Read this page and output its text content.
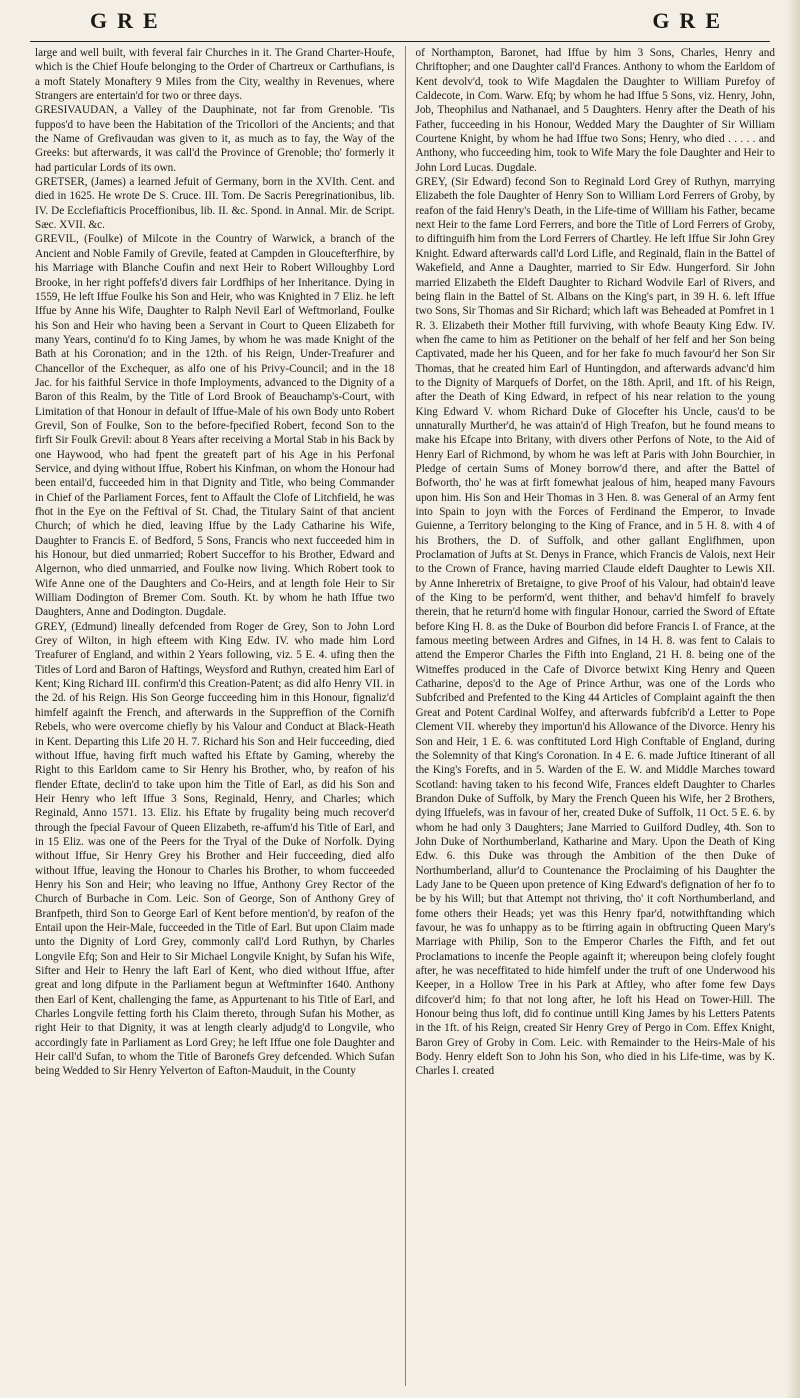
GRE	GRE

large and well built, with feveral fair Churches in it. The Grand Charter-Houfe, which is the Chief Houfe belonging to the Order of Chartreux or Carthufians, is a moft Stately Monaftery 9 Miles from the City, wealthy in Revenues, where Strangers are entertain'd for two or three days.

GRESIVAUDAN, a Valley of the Dauphinate, not far from Grenoble. 'Tis fuppos'd to have been the Habitation of the Tricollori of the Ancients; and that the Name of Grefivaudan was given to it, as much as to fay, the Way of the Greeks: but afterwards, it was call'd the Province of Grenoble; tho' formerly it had particular Lords of its own.

GRETSER, (James) a learned Jefuit of Germany, born in the XVIth. Cent. and died in 1625. He wrote De S. Cruce. III. Tom. De Sacris Peregrinationibus, lib. IV. De Ecclefiafticis Proceffionibus, lib. II. &c. Spond. in Annal. Mir. de Script. Sæc. XVII. &c.

GREVIL, (Foulke) of Milcote in the Country of Warwick, a branch of the Ancient and Noble Family of Grevile, feated at Campden in Gloucefterfhire, by his Marriage with Blanche Coufin and next Heir to Robert Willoughby Lord Brooke, in her right poffefs'd divers fair Lordfhips of her Inheritance. Dying in 1559, He left Iffue Foulke his Son and Heir, who was Knighted in 7 Eliz. he left Iffue by Anne his Wife, Daughter to Ralph Nevil Earl of Weftmorland, Foulke his Son and Heir who having been a Servant in Court to Queen Elizabeth for many Years, continu'd fo to King James, by whom he was made Knight of the Bath at his Coronation; and in the 12th. of his Reign, Under-Treafurer and Chancellor of the Exchequer, as alfo one of his Privy-Council; and in the 18 Jac. for his faithful Service in thofe Imployments, advanced to the Dignity of a Baron of this Realm, by the Title of Lord Brook of Beauchamp's-Court, with Limitation of that Honour in default of Iffue-Male of his own Body unto Robert Grevil, Son of Foulke, Son to the before-fpecified Robert, fecond Son to the firft Sir Foulk Grevil: about 8 Years after receiving a Mortal Stab in his Back by one Haywood, who had fpent the greateft part of his Age in his Perfonal Service, and dying without Iffue, Robert his Kinfman, on whom the Honour had been entail'd, fucceeded him in that Dignity and Title, who being Commander in Chief of the Parliament Forces, fent to Affault the Clofe of Litchfield, he was fhot in the Eye on the Feftival of St. Chad, the Titulary Saint of that ancient Church; of which he died, leaving Iffue by the Lady Catharine his Wife, Daughter to Francis E. of Bedford, 5 Sons, Francis who next fucceeded him in his Honour, but died unmarried; Robert Succeffor to his Brother, Edward and Algernon, who died unmarried, and Foulke now living. Which Robert took to Wife Anne one of the Daughters and Co-Heirs, and at length fole Heir to Sir William Dodington of Bremer Com. South. Kt. by whom he hath Iffue two Daughters, Anne and Dodington. Dugdale.

GREY, (Edmund) lineally defcended from Roger de Grey, Son to John Lord Grey of Wilton, in high efteem with King Edw. IV. who made him Lord Treafurer of England, and within 2 Years following, viz. 5 E. 4. ufing then the Titles of Lord and Baron of Haftings, Weysford and Ruthyn, created him Earl of Kent; King Richard III. confirm'd this Creation-Patent; as did alfo Henry VII. in the 2d. of his Reign. His Son George fucceeding him in this Honour, fignaliz'd himfelf againft the French, and afterwards in the Suppreffion of the Cornifh Rebels, who were overcome chiefly by his Valour and Conduct at Black-Heath in Kent. Departing this Life 20 H. 7. Richard his Son and Heir fucceeding, died without Iffue, having firft much wafted his Eftate by Gaming, whereby the Right to this Earldom came to Sir Henry his Brother, who, by reafon of his flender Eftate, declin'd to take upon him the Title of Earl, as did his Son and Heir Henry who left Iffue 3 Sons, Reginald, Henry, and Charles; which Reginald, Anno 1571. 13. Eliz. his Eftate by frugality being much recover'd through the fpecial Favour of Queen Elizabeth, re-affum'd his Title of Earl, and in 15 Eliz. was one of the Peers for the Tryal of the Duke of Norfolk. Dying without Iffue, Sir Henry Grey his Brother and Heir fucceeding, died alfo without Iffue, leaving the Honour to Charles his Brother, to whom fucceeded Henry his Son and Heir; who leaving no Iffue, Anthony Grey Rector of the Church of Burbache in Com. Leic. Son of George, Son of Anthony Grey of Branfpeth, third Son to George Earl of Kent before mention'd, by reafon of the Entail upon the Heir-Male, fucceeded in the Title of Earl. But upon Claim made unto the Dignity of Lord Grey, commonly call'd Lord Ruthyn, by Charles Longvile Efq; Son and Heir to Sir Michael Longvile Knight, by Sufan his Wife, Sifter and Heir to Henry the laft Earl of Kent, who died without Iffue, after great and long difpute in the Parliament begun at Weftminfter 1640. Anthony then Earl of Kent, challenging the fame, as Appurtenant to his Title of Earl, and Charles Longvile fetting forth his Claim thereto, through Sufan his Mother, as right Heir to that Dignity, it was at length clearly adjudg'd to Longvile, who accordingly fate in Parliament as Lord Grey; he left Iffue one fole Daughter and Heir call'd Sufan, to whom the Title of Baronefs Grey defcended. Which Sufan being Wedded to Sir Henry Yelverton of Eafton-Mauduit, in the County

of Northampton, Baronet, had Iffue by him 3 Sons, Charles, Henry and Chriftopher; and one Daughter call'd Frances. Anthony to whom the Earldom of Kent devolv'd, took to Wife Magdalen the Daughter to William Purefoy of Caldecote, in Com. Warw. Efq; by whom he had Iffue 5 Sons, viz. Henry, John, Job, Theophilus and Nathanael, and 5 Daughters. Henry after the Death of his Father, fucceeding in his Honour, Wedded Mary the Daughter of Sir William Courtene Knight, by whom he had Iffue two Sons; Henry, who died . . . . . and Anthony, who fucceeding him, took to Wife Mary the fole Daughter and Heir to John Lord Lucas. Dugdale.

GREY, (Sir Edward) fecond Son to Reginald Lord Grey of Ruthyn, marrying Elizabeth the fole Daughter of Henry Son to William Lord Ferrers of Groby, by reafon of the faid Henry's Death, in the Life-time of William his Father, became next Heir to the fame Lord Ferrers, and bore the Title of Lord Ferrers of Groby, to diftinguifh him from the Lord Ferrers of Chartley. He left Iffue Sir John Grey Knight. Edward afterwards call'd Lord Lifle, and Reginald, flain in the Battel of Wakefield, and Anne a Daughter, married to Sir Edw. Hungerford. Sir John married Elizabeth the Eldeft Daughter to Richard Wodvile Earl of Rivers, and being flain in the Battel of St. Albans on the King's part, in 39 H. 6. left Iffue two Sons, Sir Thomas and Sir Richard; which laft was Beheaded at Pomfret in 1 R. 3. Elizabeth their Mother ftill furviving, with whofe Beauty King Edw. IV. when fhe came to him as Petitioner on the behalf of her felf and her Son being Captivated, made her his Queen, and for her fake fo much favour'd her Son Sir Thomas, that he created him Earl of Huntingdon, and afterwards advanc'd him to the Dignity of Marquefs of Dorfet, on the 18th. April, and 1ft. of his Reign, after the Death of King Edward, in refpect of his near relation to the young King Edward V. whom Richard Duke of Glocefter his Uncle, caus'd to be unnaturally Murther'd, he was attain'd of High Treafon, but he found means to make his Efcape into Britany, with divers other Perfons of Note, to the Aid of Henry Earl of Richmond, by whom he was left at Paris with John Bourchier, in Pledge of certain Sums of Money borrow'd there, and after the Battel of Bofworth, tho' he was at firft fomewhat jealous of him, heaped many Favours upon him. His Son and Heir Thomas in 3 Hen. 8. was General of an Army fent into Spain to joyn with the Forces of Ferdinand the Emperor, to Invade Guienne, a Territory belonging to the King of France, and in 5 H. 8. with 4 of his Brothers, the D. of Suffolk, and other gallant Englifhmen, upon Proclamation of Jufts at St. Denys in France, which Francis de Valois, next Heir to the Crown of France, having married Claude eldeft Daughter to Lewis XII. by Anne Inheretrix of Bretaigne, to give Proof of his Valour, had obtain'd leave of the King to be perform'd, went thither, and behav'd himfelf fo bravely therein, that he return'd home with fingular Honour, carried the Sword of Eftate before King H. 8. as the Duke of Bourbon did before Francis I. of France, at the famous meeting between Ardres and Gifnes, in 14 H. 8. was fent to Calais to attend the Emperor Charles the Fifth into England, 21 H. 8. being one of the Witneffes produced in the Cafe of Divorce betwixt King Henry and Queen Catharine, depos'd to the Age of Prince Arthur, was one of the Lords who Subfcribed and Prefented to the King 44 Articles of Complaint againft the then Great and Potent Cardinal Wolfey, and afterwards fubfcrib'd a Letter to Pope Clement VII. whereby they importun'd his Allowance of the Divorce. Henry his Son and Heir, 1 E. 6. was conftituted Lord High Conftable of England, during the Solemnity of that King's Coronation. In 4 E. 6. made Juftice Itinerant of all the King's Forefts, and in 5. Warden of the E. W. and Middle Marches toward Scotland: having taken to his fecond Wife, Frances eldeft Daughter to Charles Brandon Duke of Suffolk, by Mary the French Queen his Wife, her 2 Brothers, dying Iffuelefs, was in favour of her, created Duke of Suffolk, 11 Oct. 5 E. 6. by whom he had only 3 Daughters; Jane Married to Guilford Dudley, 4th. Son to John Duke of Northumberland, Katharine and Mary. Upon the Death of King Edw. 6. this Duke was through the Ambition of the then Duke of Northumberland, allur'd to Countenance the Proclaiming of his Daughter the Lady Jane to be Queen upon pretence of King Edward's defignation of her fo to be by his Will; but that Attempt not thriving, tho' it coft Northumberland, and fome others their Heads; yet was this Henry fpar'd, notwithftanding which favour, he was fo unhappy as to be ftirring again in obftructing Queen Mary's Marriage with Philip, Son to the Emperor Charles the Fifth, and fet out Proclamations to incenfe the People againft it; whereupon being clofely fought after, he was neceffitated to hide himfelf under the truft of one Underwood his Keeper, in a Hollow Tree in his Park at Aftley, who after fome few Days difcover'd him; fo that not long after, he loft his Head on Tower-Hill. The Honour being thus loft, did fo continue untill King James by his Letters Patents in the 1ft. of his Reign, created Sir Henry Grey of Pergo in Com. Effex Knight, Baron Grey of Groby in Com. Leic. with Remainder to the Heirs-Male of his Body. Henry eldeft Son to John his Son, who died in his Life-time, was by K. Charles I. created
